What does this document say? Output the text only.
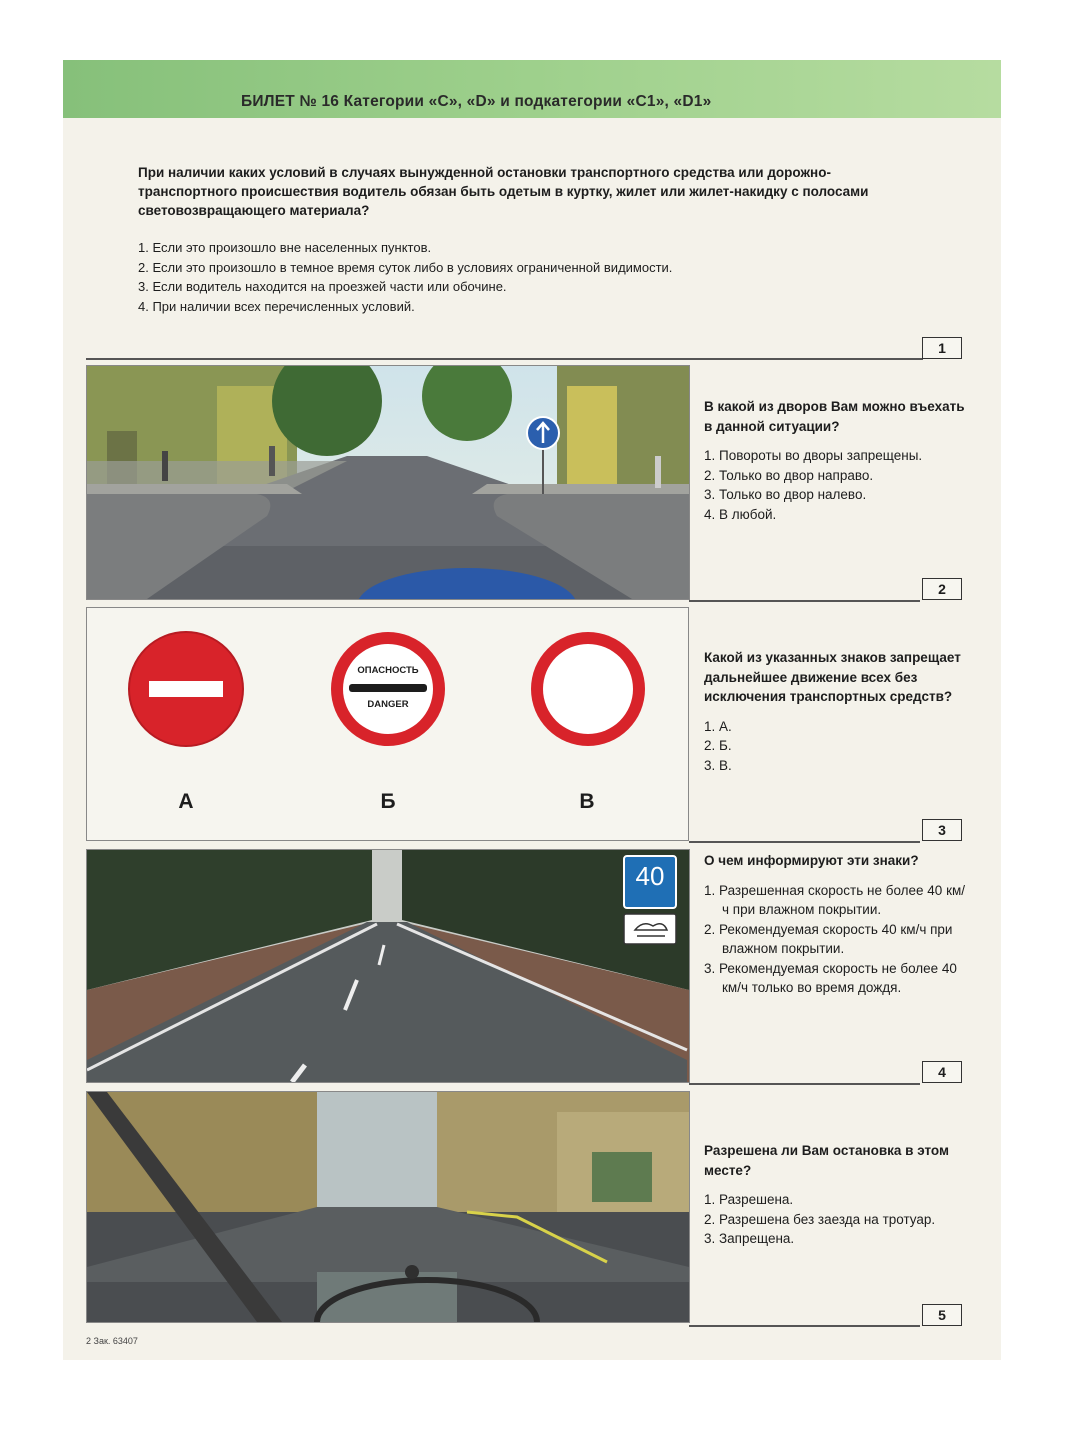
БИЛЕТ № 16 Категории «С», «D» и подкатегории «С1», «D1»
При наличии каких условий в случаях вынужденной остановки транспортного средства или дорожно-транспортного происшествия водитель обязан быть одетым в куртку, жилет или жилет-накидку с полосами световозвращающего материала?
1. Если это произошло вне населенных пунктов.
2. Если это произошло в темное время суток либо в условиях ограниченной видимости.
3. Если водитель находится на проезжей части или обочине.
4. При наличии всех перечисленных условий.
1

В какой из дворов Вам можно въехать в данной ситуации?

1. Повороты во дворы запрещены.
2. Только во двор направо.
3. Только во двор налево.
4. В любой.
2
ОПАСНОСТЬ
DANGER
А	Б	В

Какой из указанных знаков запрещает дальнейшее движение всех без исключения транспортных средств?

1. А.
2. Б.
3. В.
3
40

О чем информируют эти знаки?

1. Разрешенная скорость не более 40 км/ч при влажном покрытии.
2. Рекомендуемая скорость 40 км/ч при влажном покрытии.
3. Рекомендуемая скорость не более 40 км/ч только во время дождя.
4

Разрешена ли Вам остановка в этом месте?

1. Разрешена.
2. Разрешена без заезда на тротуар.
3. Запрещена.
5
2 Зак. 63407
